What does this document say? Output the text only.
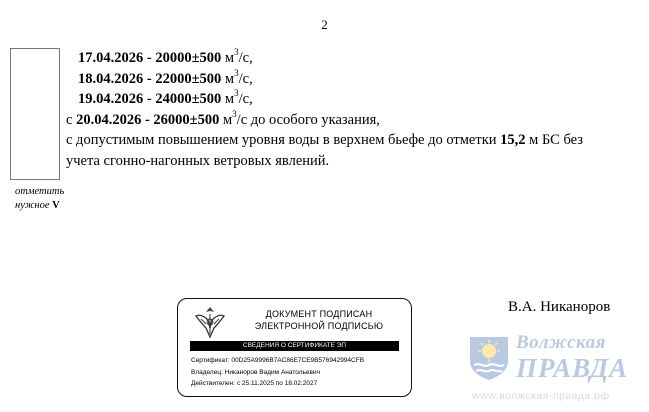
2
отметить
нужное V
17.04.2026 - 20000±500 $м^3/с$,
18.04.2026 - 22000±500 $м^3/с$,
19.04.2026 - 24000±500 $м^3/с$,
с 20.04.2026 - 26000±500 $м^3/с$ до особого указания,
с допустимым повышением уровня воды в верхнем бьефе до отметки 15,2 м БС без
учета сгонно-нагонных ветровых явлений.
ДОКУМЕНТ ПОДПИСАН
ЭЛЕКТРОННОЙ ПОДПИСЬЮ
СВЕДЕНИЯ О СЕРТИФИКАТЕ ЭП
Сертификат: 00D25A9996B7AC86E7CE9B576942994CFB
Владелец: Никаноров Вадим Анатольевич
Действителен: с 25.11.2025 по 18.02.2027
В.А. Никаноров
Волжская
ПРАВДА
www.волжская-правда.рф
